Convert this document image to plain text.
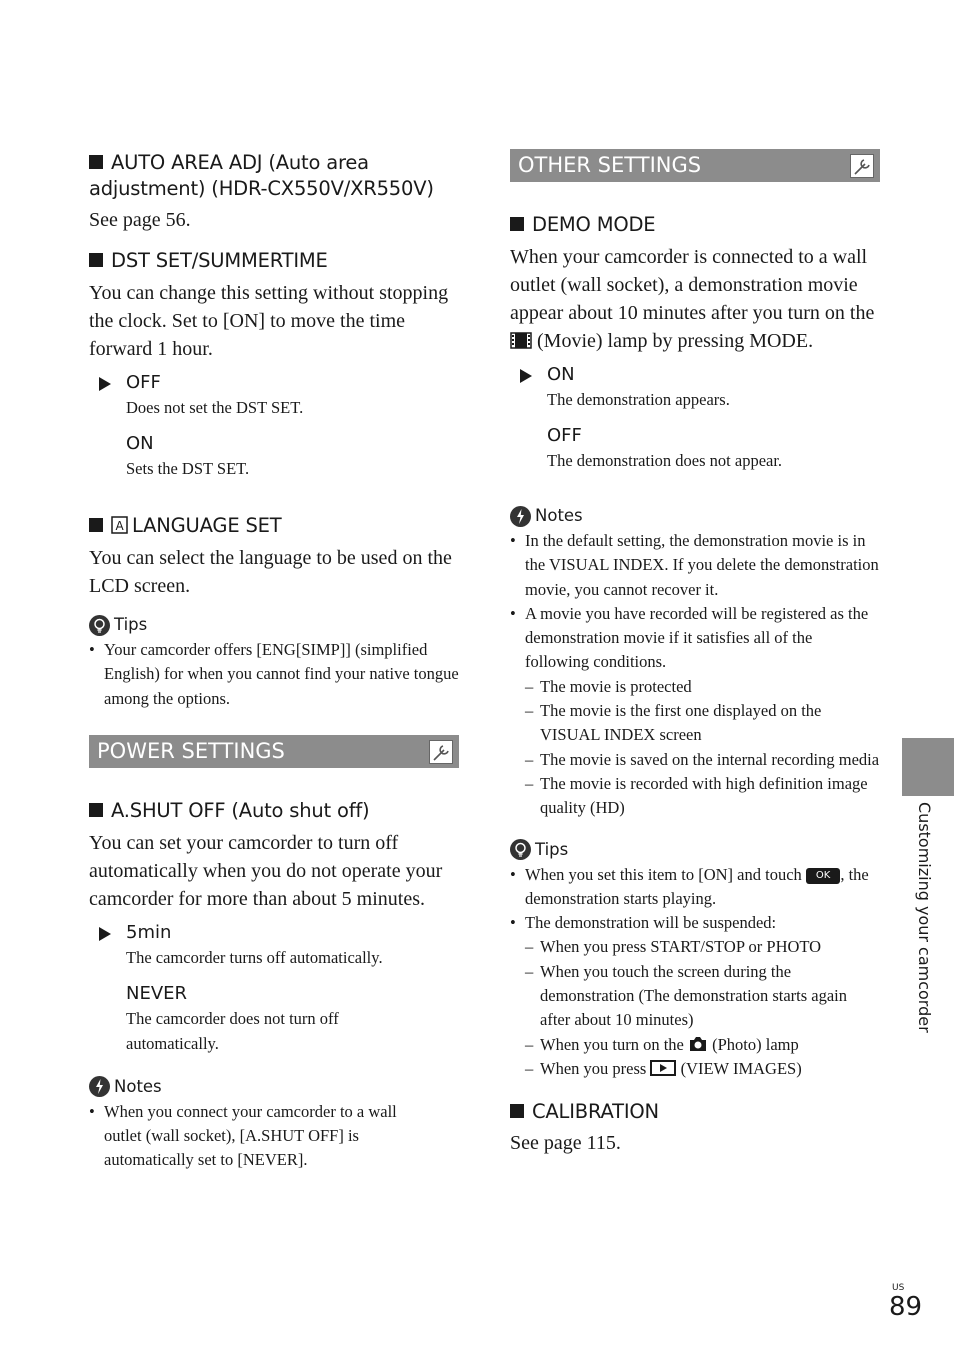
AUTO AREA ADJ (Auto area adjustment) (HDR-CX550V/XR550V)

See page 56.

DST SET/SUMMERTIME

You can change this setting without stopping the clock. Set to [ON] to move the time forward 1 hour.

OFF
Does not set the DST SET.
ON
Sets the DST SET.

A LANGUAGE SET

You can select the language to be used on the LCD screen.

Tips
• Your camcorder offers [ENG[SIMP]] (simplified English) for when you cannot find your native tongue among the options.
POWER SETTINGS

A.SHUT OFF (Auto shut off)

You can set your camcorder to turn off automatically when you do not operate your camcorder for more than about 5 minutes.

5min
The camcorder turns off automatically.
NEVER
The camcorder does not turn off automatically.
Notes
• When you connect your camcorder to a wall outlet (wall socket), [A.SHUT OFF] is automatically set to [NEVER].
OTHER SETTINGS

DEMO MODE

When your camcorder is connected to a wall outlet (wall socket), a demonstration movie appear about 10 minutes after you turn on the  (Movie) lamp by pressing MODE.

ON
The demonstration appears.
OFF
The demonstration does not appear.
Notes
• In the default setting, the demonstration movie is in the VISUAL INDEX. If you delete the demonstration movie, you cannot recover it.
• A movie you have recorded will be registered as the demonstration movie if it satisfies all of the following conditions.
– The movie is protected
– The movie is the first one displayed on the VISUAL INDEX screen
– The movie is saved on the internal recording media
– The movie is recorded with high definition image quality (HD)
Tips
• When you set this item to [ON] and touch OK , the demonstration starts playing.
• The demonstration will be suspended:
– When you press START/STOP or PHOTO
– When you touch the screen during the demonstration (The demonstration starts again after about 10 minutes)
– When you turn on the (Photo) lamp
– When you press (VIEW IMAGES)

CALIBRATION

See page 115.

Customizing your camcorder
US
89
